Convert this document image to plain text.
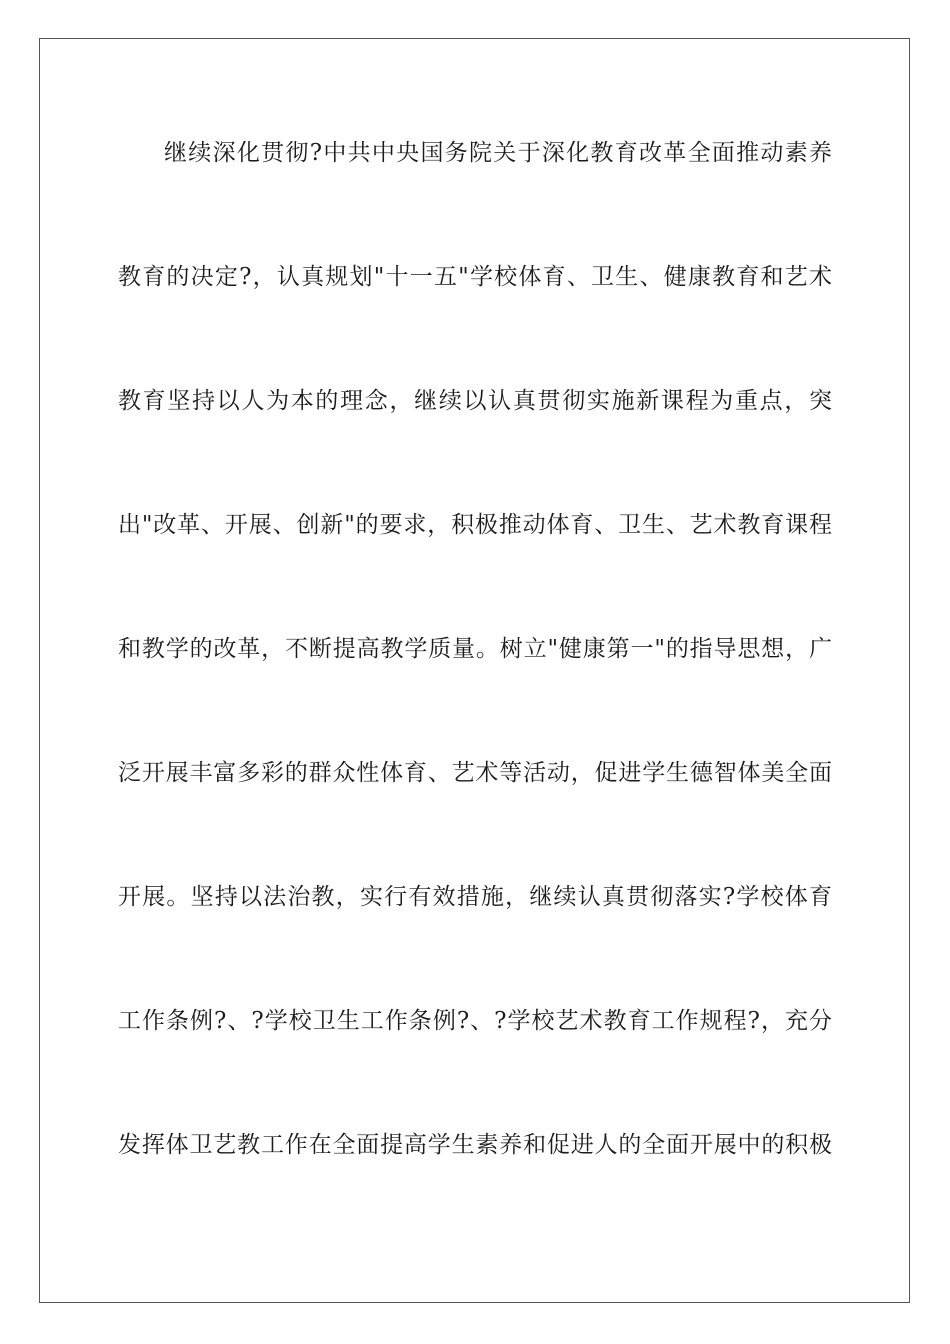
继续深化贯彻?中共中央国务院关于深化教育改革全面推动素养
教育的决定?，认真规划"十一五"学校体育、卫生、健康教育和艺术
教育坚持以人为本的理念，继续以认真贯彻实施新课程为重点，突
出"改革、开展、创新"的要求，积极推动体育、卫生、艺术教育课程
和教学的改革，不断提高教学质量。树立"健康第一"的指导思想，广
泛开展丰富多彩的群众性体育、艺术等活动，促进学生德智体美全面
开展。坚持以法治教，实行有效措施，继续认真贯彻落实?学校体育
工作条例?、?学校卫生工作条例?、?学校艺术教育工作规程?，充分
发挥体卫艺教工作在全面提高学生素养和促进人的全面开展中的积极
